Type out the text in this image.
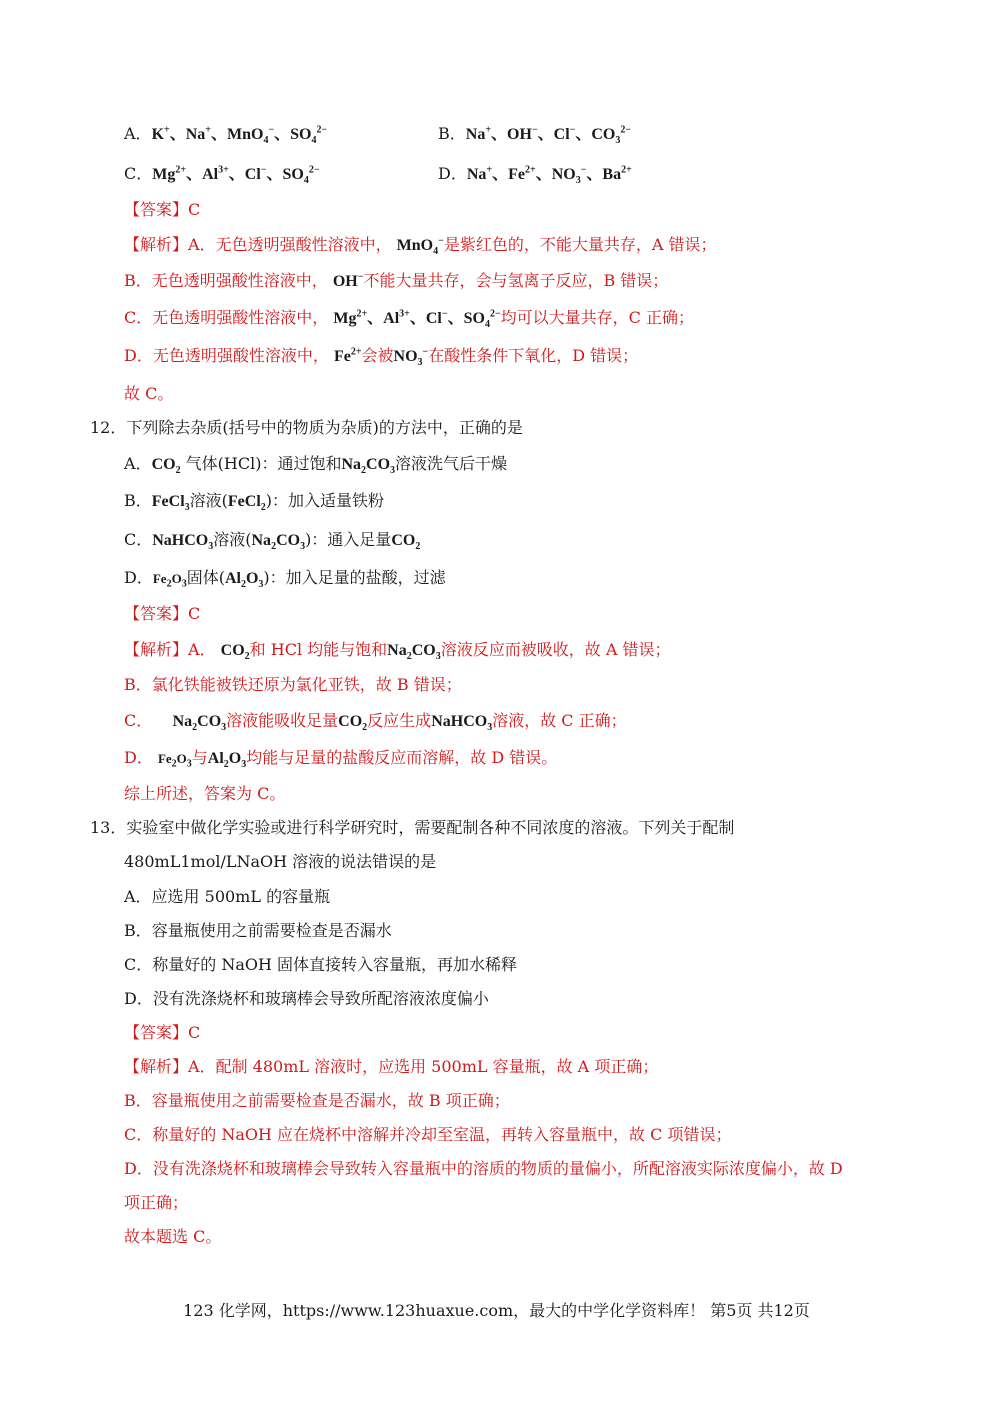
A．K+、Na+、MnO$_4$−、$SO_4^{2-}$	B．Na+、OH−、Cl−、$CO_3^{2-}$
C．$Mg^{2+}$、$Al^{3+}$、Cl−、$SO_4^{2-}$	D．Na+、$Fe^{2+}$、$NO_3^-$、$Ba^{2+}$
【答案】C
【解析】A．无色透明强酸性溶液中， MnO$_4$−是紫红色的，不能大量共存，A 错误；
B．无色透明强酸性溶液中， OH−不能大量共存，会与氢离子反应，B 错误；
C．无色透明强酸性溶液中， $Mg^{2+}$、$Al^{3+}$、Cl−、$SO_4^{2-}$均可以大量共存，C 正确；
D．无色透明强酸性溶液中， $Fe^{2+}$会被$NO_3^-$在酸性条件下氧化，D 错误；
故 C。
12．下列除去杂质(括号中的物质为杂质)的方法中，正确的是
A．$CO_2$ 气体(HCl)：通过饱和$Na_2CO_3$溶液洗气后干燥
B．FeCl$_3$溶液(FeCl$_2$)：加入适量铁粉
C．NaHCO$_3$溶液$(Na_2CO_3)$：通入足量$CO_2$
D．$Fe_2O_3$固体$(Al_2O_3)$：加入足量的盐酸，过滤
【答案】C
【解析】A． $CO_2$和 HCl 均能与饱和$Na_2CO_3$溶液反应而被吸收，故 A 错误；
B．氯化铁能被铁还原为氯化亚铁，故 B 错误；
C． $Na_2CO_3$溶液能吸收足量$CO_2$反应生成NaHCO$_3$溶液，故 C 正确；
D． $Fe_2O_3$与$Al_2O_3$均能与足量的盐酸反应而溶解，故 D 错误。
综上所述，答案为 C。
13．实验室中做化学实验或进行科学研究时，需要配制各种不同浓度的溶液。下列关于配制
480mL1mol/LNaOH 溶液的说法错误的是
A．应选用 500mL 的容量瓶
B．容量瓶使用之前需要检查是否漏水
C．称量好的 NaOH 固体直接转入容量瓶，再加水稀释
D．没有洗涤烧杯和玻璃棒会导致所配溶液浓度偏小
【答案】C
【解析】A．配制 480mL 溶液时，应选用 500mL 容量瓶，故 A 项正确；
B．容量瓶使用之前需要检查是否漏水，故 B 项正确；
C．称量好的 NaOH 应在烧杯中溶解并冷却至室温，再转入容量瓶中，故 C 项错误；
D．没有洗涤烧杯和玻璃棒会导致转入容量瓶中的溶质的物质的量偏小，所配溶液实际浓度偏小，故 D
项正确；
故本题选 C。
123 化学网，https://www.123huaxue.com，最大的中学化学资料库！ 第5页 共12页
